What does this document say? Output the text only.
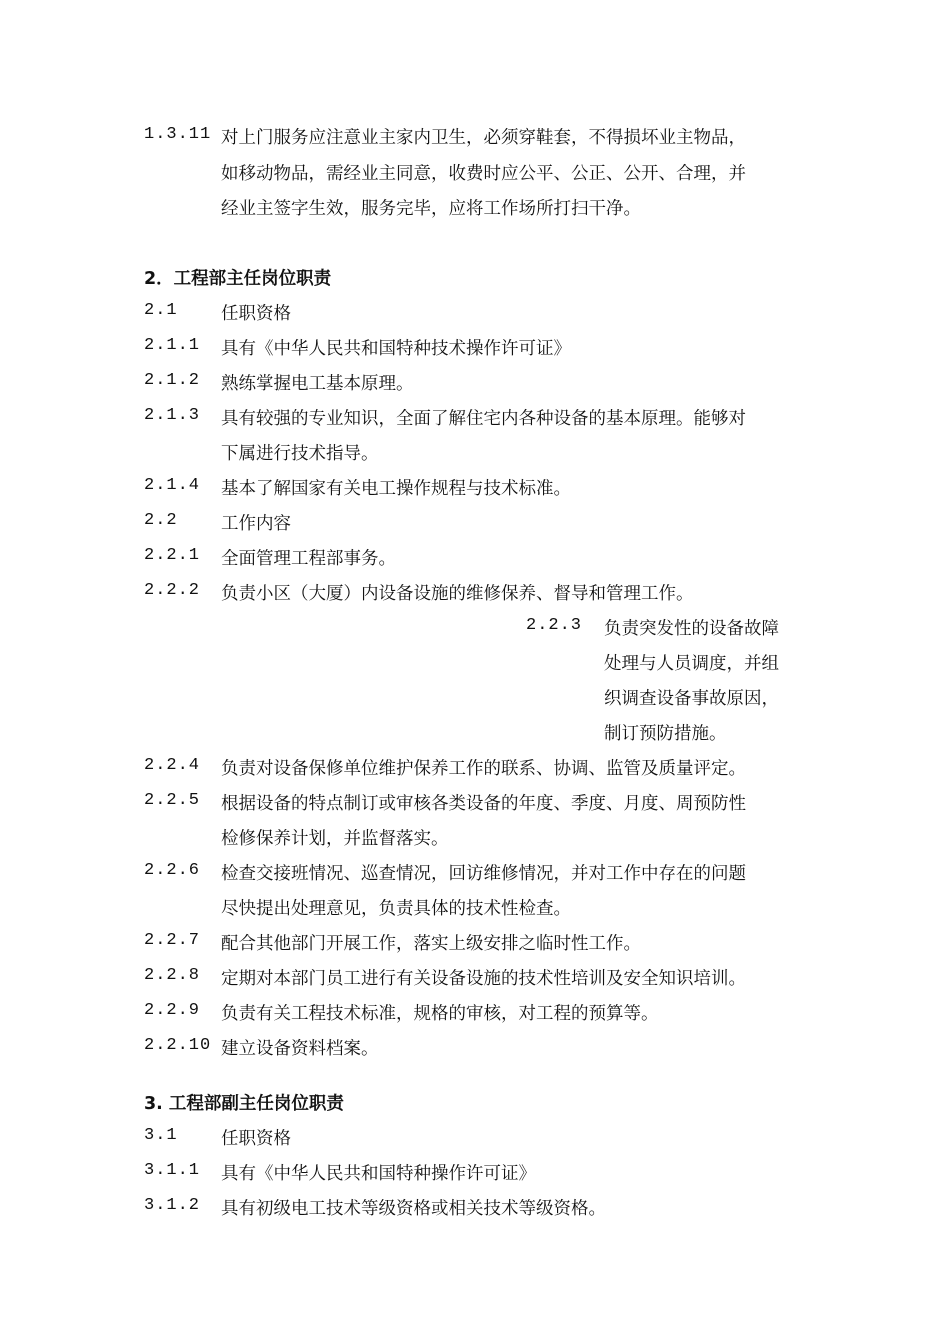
1.3.11 对上门服务应注意业主家内卫生，必须穿鞋套，不得损坏业主物品，
如移动物品，需经业主同意，收费时应公平、公正、公开、合理，并
经业主签字生效，服务完毕，应将工作场所打扫干净。
2．工程部主任岗位职责
2.1 任职资格
2.1.1 具有《中华人民共和国特种技术操作许可证》
2.1.2 熟练掌握电工基本原理。
2.1.3 具有较强的专业知识，全面了解住宅内各种设备的基本原理。能够对
下属进行技术指导。
2.1.4 基本了解国家有关电工操作规程与技术标准。
2.2 工作内容
2.2.1 全面管理工程部事务。
2.2.2 负责小区（大厦）内设备设施的维修保养、督导和管理工作。
2.2.3 负责突发性的设备故障
处理与人员调度，并组
织调查设备事故原因，
制订预防措施。
2.2.4 负责对设备保修单位维护保养工作的联系、协调、监管及质量评定。
2.2.5 根据设备的特点制订或审核各类设备的年度、季度、月度、周预防性
检修保养计划，并监督落实。
2.2.6 检查交接班情况、巡查情况，回访维修情况，并对工作中存在的问题
尽快提出处理意见，负责具体的技术性检查。
2.2.7 配合其他部门开展工作，落实上级安排之临时性工作。
2.2.8 定期对本部门员工进行有关设备设施的技术性培训及安全知识培训。
2.2.9 负责有关工程技术标准，规格的审核，对工程的预算等。
2.2.10 建立设备资料档案。
3. 工程部副主任岗位职责
3.1 任职资格
3.1.1 具有《中华人民共和国特种操作许可证》
3.1.2 具有初级电工技术等级资格或相关技术等级资格。
